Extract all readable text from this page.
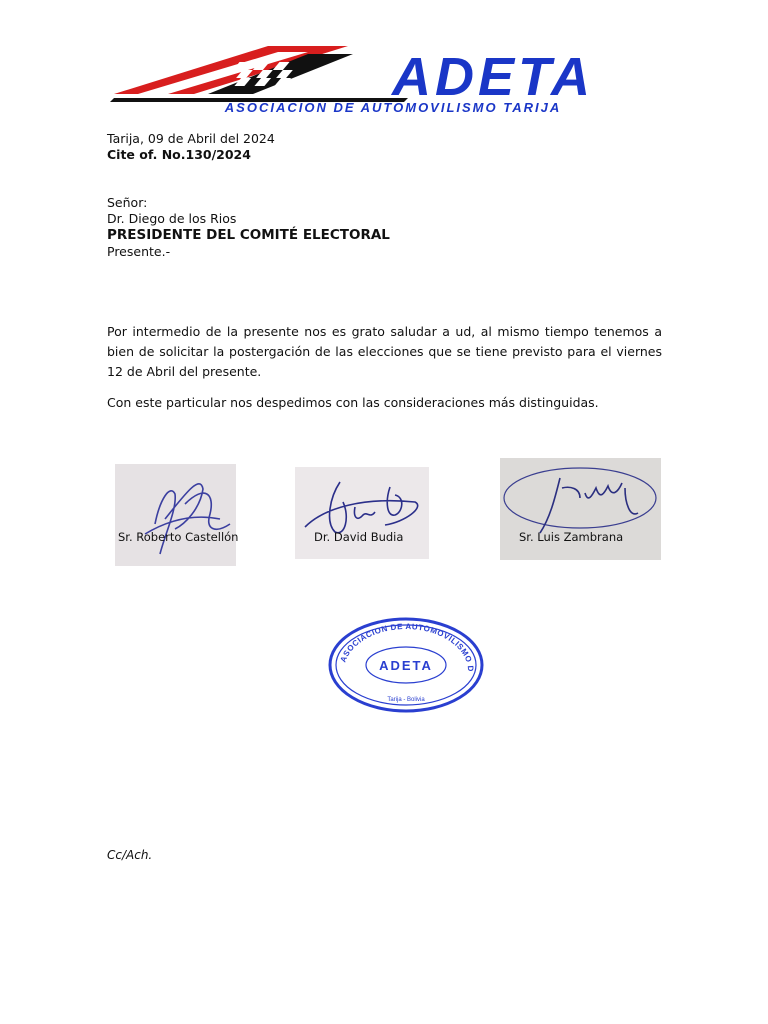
ADETA
ASOCIACION DE AUTOMOVILISMO TARIJA
Tarija, 09 de Abril del 2024
Cite of. No.130/2024
Señor:
Dr. Diego de los Rios
PRESIDENTE DEL COMITÉ ELECTORAL
Presente.-
Por intermedio de la presente nos es grato saludar a ud, al mismo tiempo tenemos a bien de solicitar la postergación de las elecciones que se tiene previsto para el viernes 12 de Abril del presente.
Con este particular nos despedimos con las consideraciones más distinguidas.
Sr. Roberto Castellón	Dr. David Budia	Sr. Luis Zambrana
ASOCIACION DE AUTOMOVILISMO D
ADETA
Tarija - Bolivia
Cc/Ach.
